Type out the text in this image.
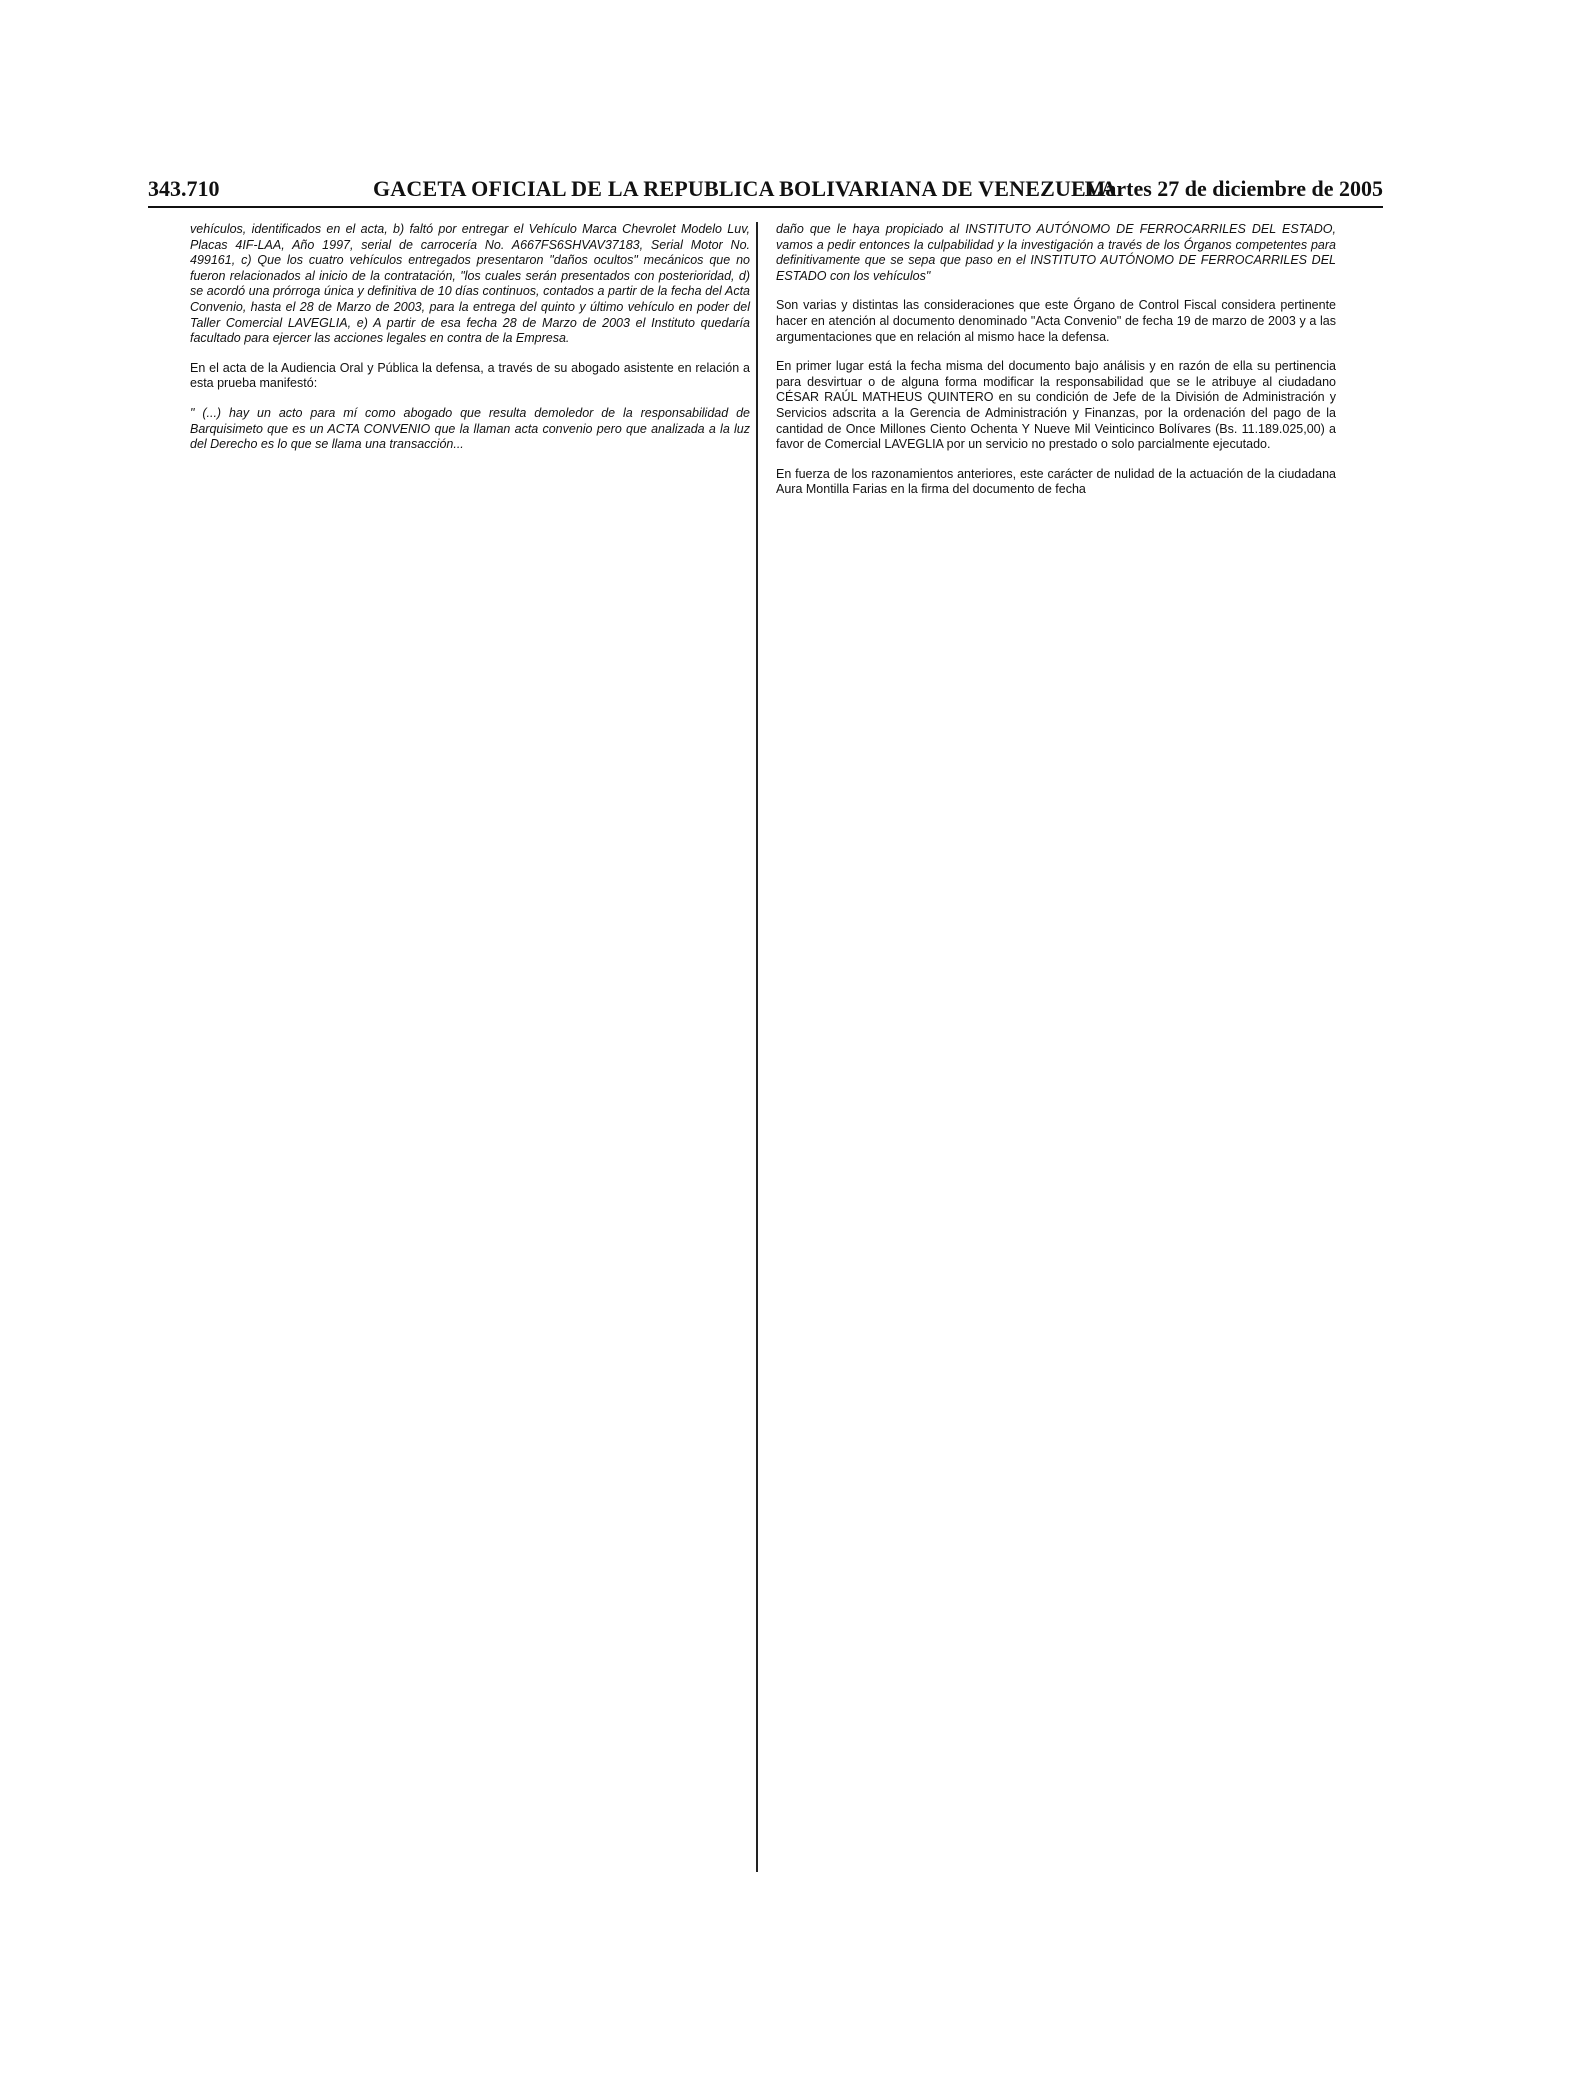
343.710	GACETA OFICIAL DE LA REPUBLICA BOLIVARIANA DE VENEZUELA
Martes 27 de diciembre de 2005

vehículos, identificados en el acta, b) faltó por entregar el Vehículo Marca Chevrolet Modelo Luv, Placas 4IF-LAA, Año 1997, serial de carrocería No. A667FS6SHVAV37183, Serial Motor No. 499161, c) Que los cuatro vehículos entregados presentaron "daños ocultos" mecánicos que no fueron relacionados al inicio de la contratación, "los cuales serán presentados con posterioridad, d) se acordó una prórroga única y definitiva de 10 días continuos, contados a partir de la fecha del Acta Convenio, hasta el 28 de Marzo de 2003, para la entrega del quinto y último vehículo en poder del Taller Comercial LAVEGLIA, e) A partir de esa fecha 28 de Marzo de 2003 el Instituto quedaría facultado para ejercer las acciones legales en contra de la Empresa.

En el acta de la Audiencia Oral y Pública la defensa, a través de su abogado asistente en relación a esta prueba manifestó:

" (...) hay un acto para mí como abogado que resulta demoledor de la responsabilidad de Barquisimeto que es un ACTA CONVENIO que la llaman acta convenio pero que analizada a la luz del Derecho es lo que se llama una transacción...

daño que le haya propiciado al INSTITUTO AUTÓNOMO DE FERROCARRILES DEL ESTADO, vamos a pedir entonces la culpabilidad y la investigación a través de los Órganos competentes para definitivamente que se sepa que paso en el INSTITUTO AUTÓNOMO DE FERROCARRILES DEL ESTADO con los vehículos"

Son varias y distintas las consideraciones que este Órgano de Control Fiscal considera pertinente hacer en atención al documento denominado "Acta Convenio" de fecha 19 de marzo de 2003 y a las argumentaciones que en relación al mismo hace la defensa.

En primer lugar está la fecha misma del documento bajo análisis y en razón de ella su pertinencia para desvirtuar o de alguna forma modificar la responsabilidad que se le atribuye al ciudadano CÉSAR RAÚL MATHEUS QUINTERO en su condición de Jefe de la División de Administración y Servicios adscrita a la Gerencia de Administración y Finanzas, por la ordenación del pago de la cantidad de Once Millones Ciento Ochenta Y Nueve Mil Veinticinco Bolívares (Bs. 11.189.025,00) a favor de Comercial LAVEGLIA por un servicio no prestado o solo parcialmente ejecutado.

En fuerza de los razonamientos anteriores, este carácter de nulidad de la actuación de la ciudadana Aura Montilla Farias en la firma del documento de fecha
